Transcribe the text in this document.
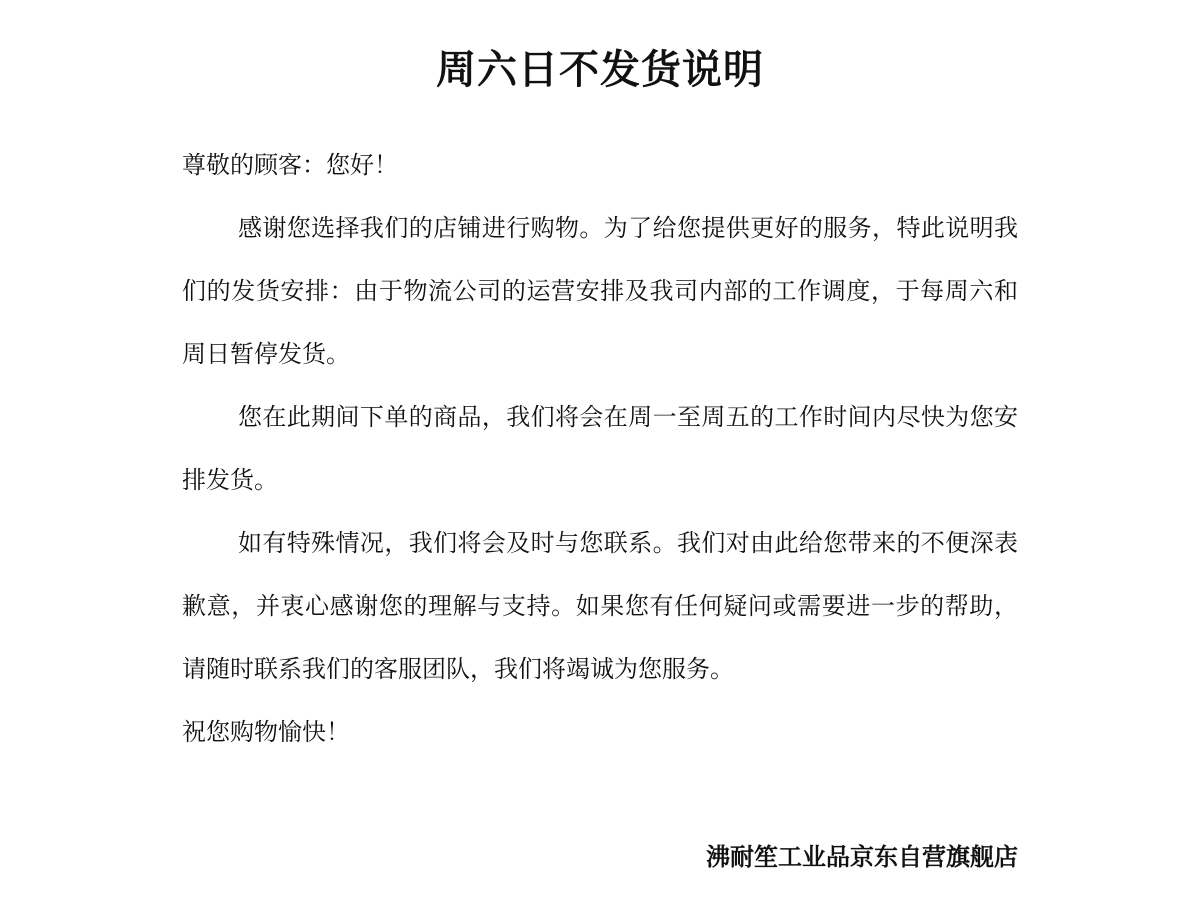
周六日不发货说明

尊敬的顾客：您好！

感谢您选择我们的店铺进行购物。为了给您提供更好的服务，特此说明我们的发货安排：由于物流公司的运营安排及我司内部的工作调度，于每周六和周日暂停发货。

您在此期间下单的商品，我们将会在周一至周五的工作时间内尽快为您安排发货。

如有特殊情况，我们将会及时与您联系。我们对由此给您带来的不便深表歉意，并衷心感谢您的理解与支持。如果您有任何疑问或需要进一步的帮助，请随时联系我们的客服团队，我们将竭诚为您服务。

祝您购物愉快！

沸耐笙工业品京东自营旗舰店
